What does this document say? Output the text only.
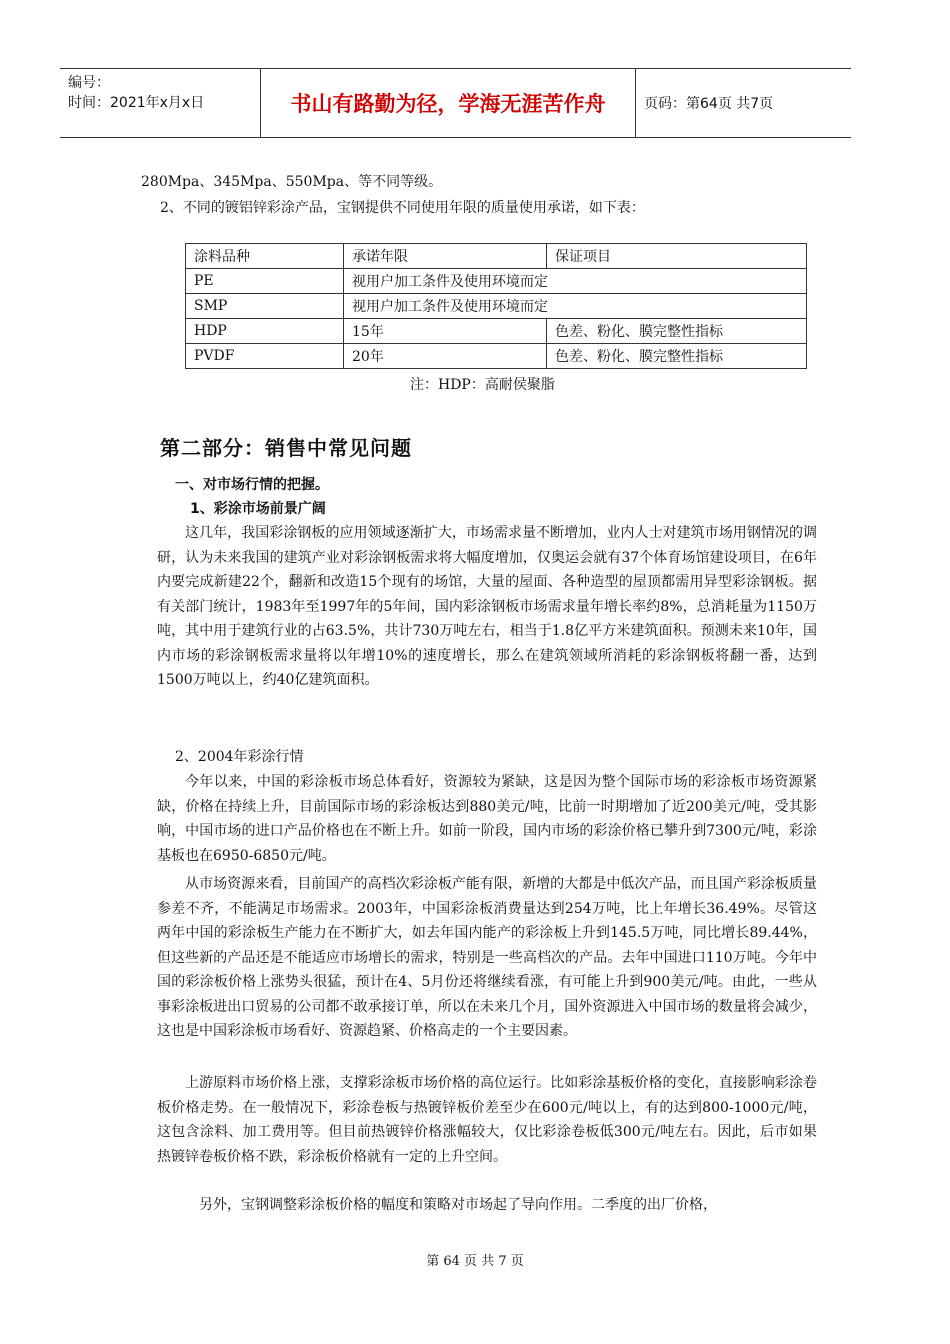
编号：
时间：2021年x月x日	书山有路勤为径，学海无涯苦作舟	页码：第64页 共7页
280Mpa、345Mpa、550Mpa、等不同等级。
2、不同的镀铝锌彩涂产品，宝钢提供不同使用年限的质量使用承诺，如下表：
涂料品种	承诺年限	保证项目
PE	视用户加工条件及使用环境而定	
SMP	视用户加工条件及使用环境而定	
HDP	15年	色差、粉化、膜完整性指标
PVDF	20年	色差、粉化、膜完整性指标
注：HDP：高耐侯聚脂
第二部分：销售中常见问题
一、对市场行情的把握。
1、彩涂市场前景广阔
这几年，我国彩涂钢板的应用领域逐渐扩大，市场需求量不断增加，业内人士对建筑市场用钢情况的调研，认为未来我国的建筑产业对彩涂钢板需求将大幅度增加，仅奥运会就有37个体育场馆建设项目，在6年内要完成新建22个，翻新和改造15个现有的场馆，大量的屋面、各种造型的屋顶都需用异型彩涂钢板。据有关部门统计，1983年至1997年的5年间，国内彩涂钢板市场需求量年增长率约8%，总消耗量为1150万吨，其中用于建筑行业的占63.5%，共计730万吨左右，相当于1.8亿平方米建筑面积。预测未来10年，国内市场的彩涂钢板需求量将以年增10%的速度增长，那么在建筑领域所消耗的彩涂钢板将翻一番，达到1500万吨以上，约40亿建筑面积。
2、2004年彩涂行情
今年以来，中国的彩涂板市场总体看好，资源较为紧缺，这是因为整个国际市场的彩涂板市场资源紧缺，价格在持续上升，目前国际市场的彩涂板达到880美元/吨，比前一时期增加了近200美元/吨，受其影响，中国市场的进口产品价格也在不断上升。如前一阶段，国内市场的彩涂价格已攀升到7300元/吨，彩涂基板也在6950-6850元/吨。
从市场资源来看，目前国产的高档次彩涂板产能有限，新增的大都是中低次产品，而且国产彩涂板质量参差不齐，不能满足市场需求。2003年，中国彩涂板消费量达到254万吨，比上年增长36.49%。尽管这两年中国的彩涂板生产能力在不断扩大，如去年国内能产的彩涂板上升到145.5万吨，同比增长89.44%，但这些新的产品还是不能适应市场增长的需求，特别是一些高档次的产品。去年中国进口110万吨。今年中国的彩涂板价格上涨势头很猛，预计在4、5月份还将继续看涨，有可能上升到900美元/吨。由此，一些从事彩涂板进出口贸易的公司都不敢承接订单，所以在未来几个月，国外资源进入中国市场的数量将会减少，这也是中国彩涂板市场看好、资源趋紧、价格高走的一个主要因素。
上游原料市场价格上涨，支撑彩涂板市场价格的高位运行。比如彩涂基板价格的变化，直接影响彩涂卷板价格走势。在一般情况下，彩涂卷板与热镀锌板价差至少在600元/吨以上，有的达到800-1000元/吨，这包含涂料、加工费用等。但目前热镀锌价格涨幅较大，仅比彩涂卷板低300元/吨左右。因此，后市如果热镀锌卷板价格不跌，彩涂板价格就有一定的上升空间。
另外，宝钢调整彩涂板价格的幅度和策略对市场起了导向作用。二季度的出厂价格，
第 64 页 共 7 页
